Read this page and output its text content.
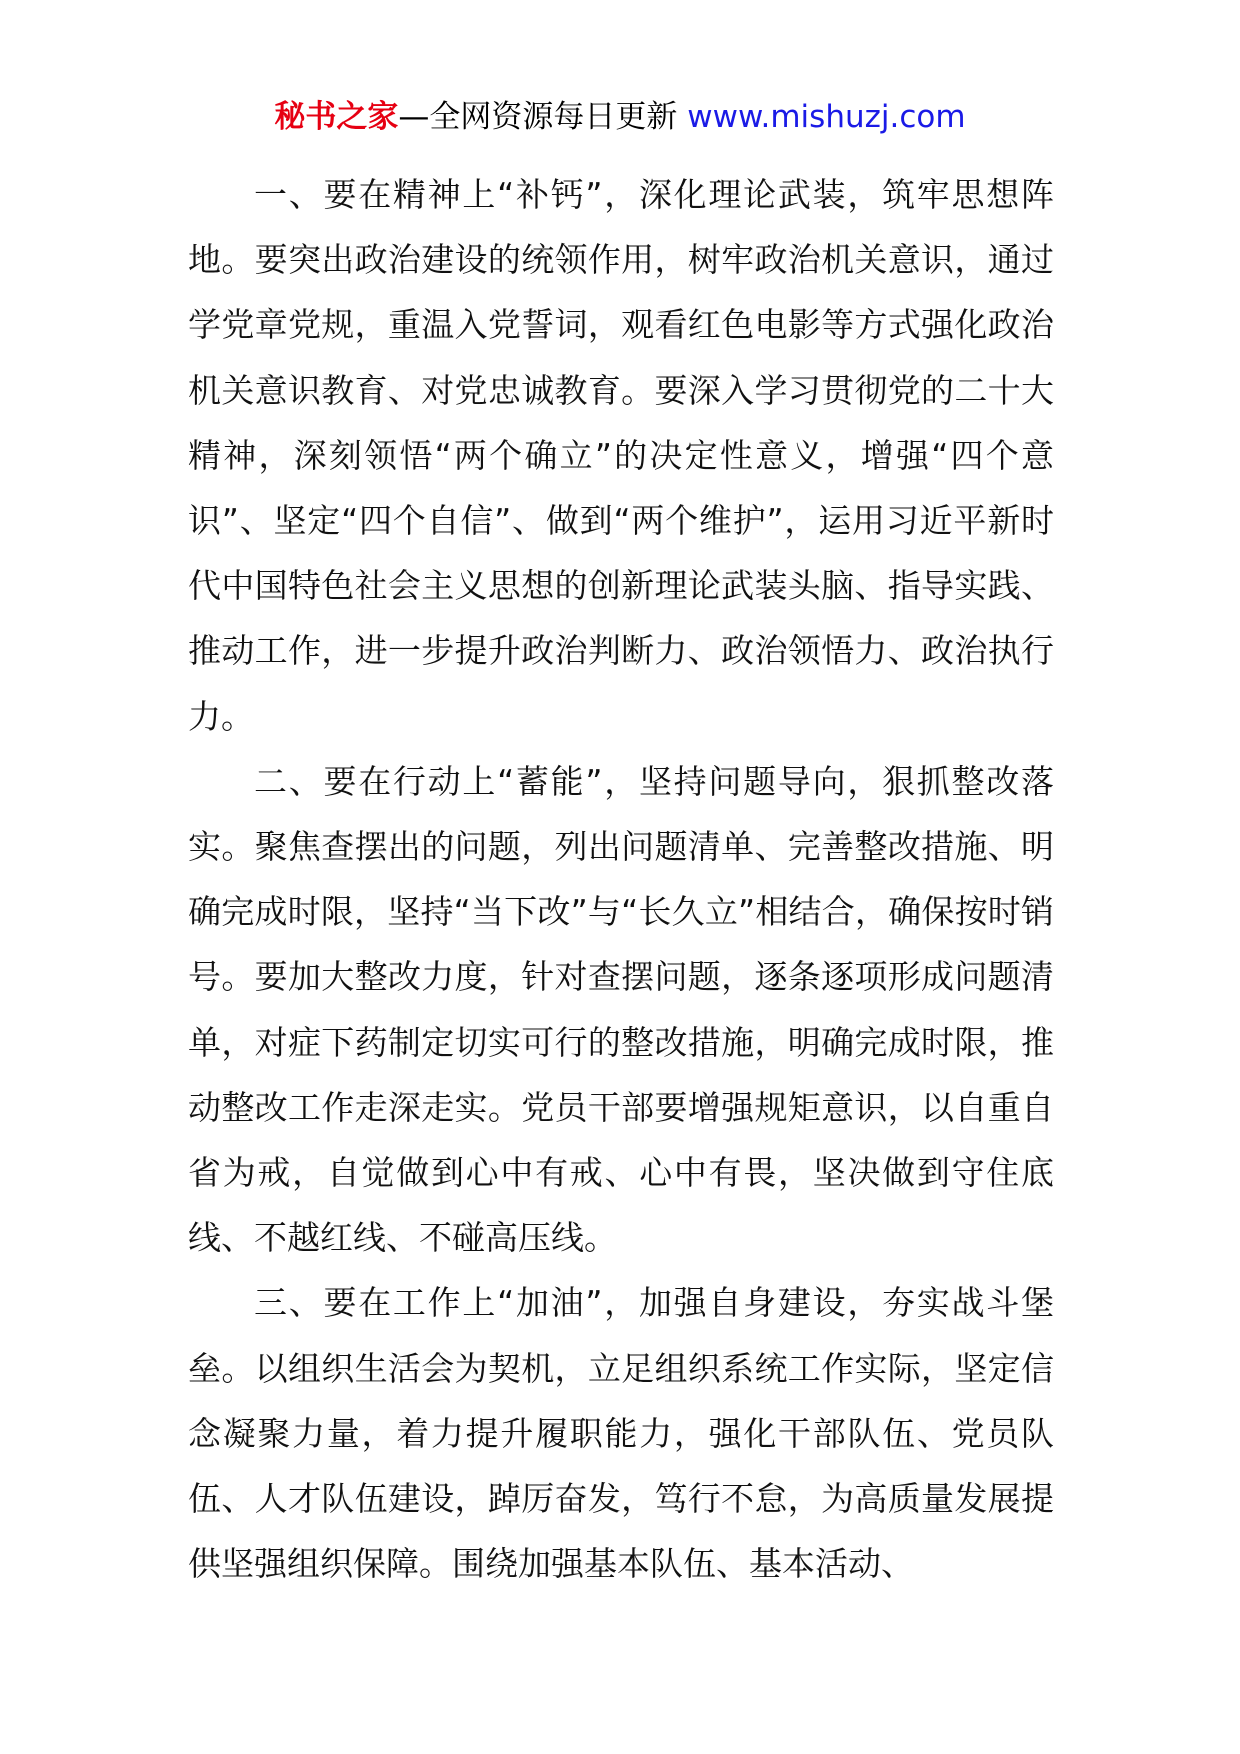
秘书之家—全网资源每日更新 www.mishuzj.com

一、要在精神上“补钙”，深化理论武装，筑牢思想阵地。要突出政治建设的统领作用，树牢政治机关意识，通过学党章党规，重温入党誓词，观看红色电影等方式强化政治机关意识教育、对党忠诚教育。要深入学习贯彻党的二十大精神，深刻领悟“两个确立”的决定性意义，增强“四个意识”、坚定“四个自信”、做到“两个维护”，运用习近平新时代中国特色社会主义思想的创新理论武装头脑、指导实践、推动工作，进一步提升政治判断力、政治领悟力、政治执行力。

二、要在行动上“蓄能”，坚持问题导向，狠抓整改落实。聚焦查摆出的问题，列出问题清单、完善整改措施、明确完成时限，坚持“当下改”与“长久立”相结合，确保按时销号。要加大整改力度，针对查摆问题，逐条逐项形成问题清单，对症下药制定切实可行的整改措施，明确完成时限，推动整改工作走深走实。党员干部要增强规矩意识，以自重自省为戒，自觉做到心中有戒、心中有畏，坚决做到守住底线、不越红线、不碰高压线。

三、要在工作上“加油”，加强自身建设，夯实战斗堡垒。以组织生活会为契机，立足组织系统工作实际，坚定信念凝聚力量，着力提升履职能力，强化干部队伍、党员队伍、人才队伍建设，踔厉奋发，笃行不怠，为高质量发展提供坚强组织保障。围绕加强基本队伍、基本活动、
